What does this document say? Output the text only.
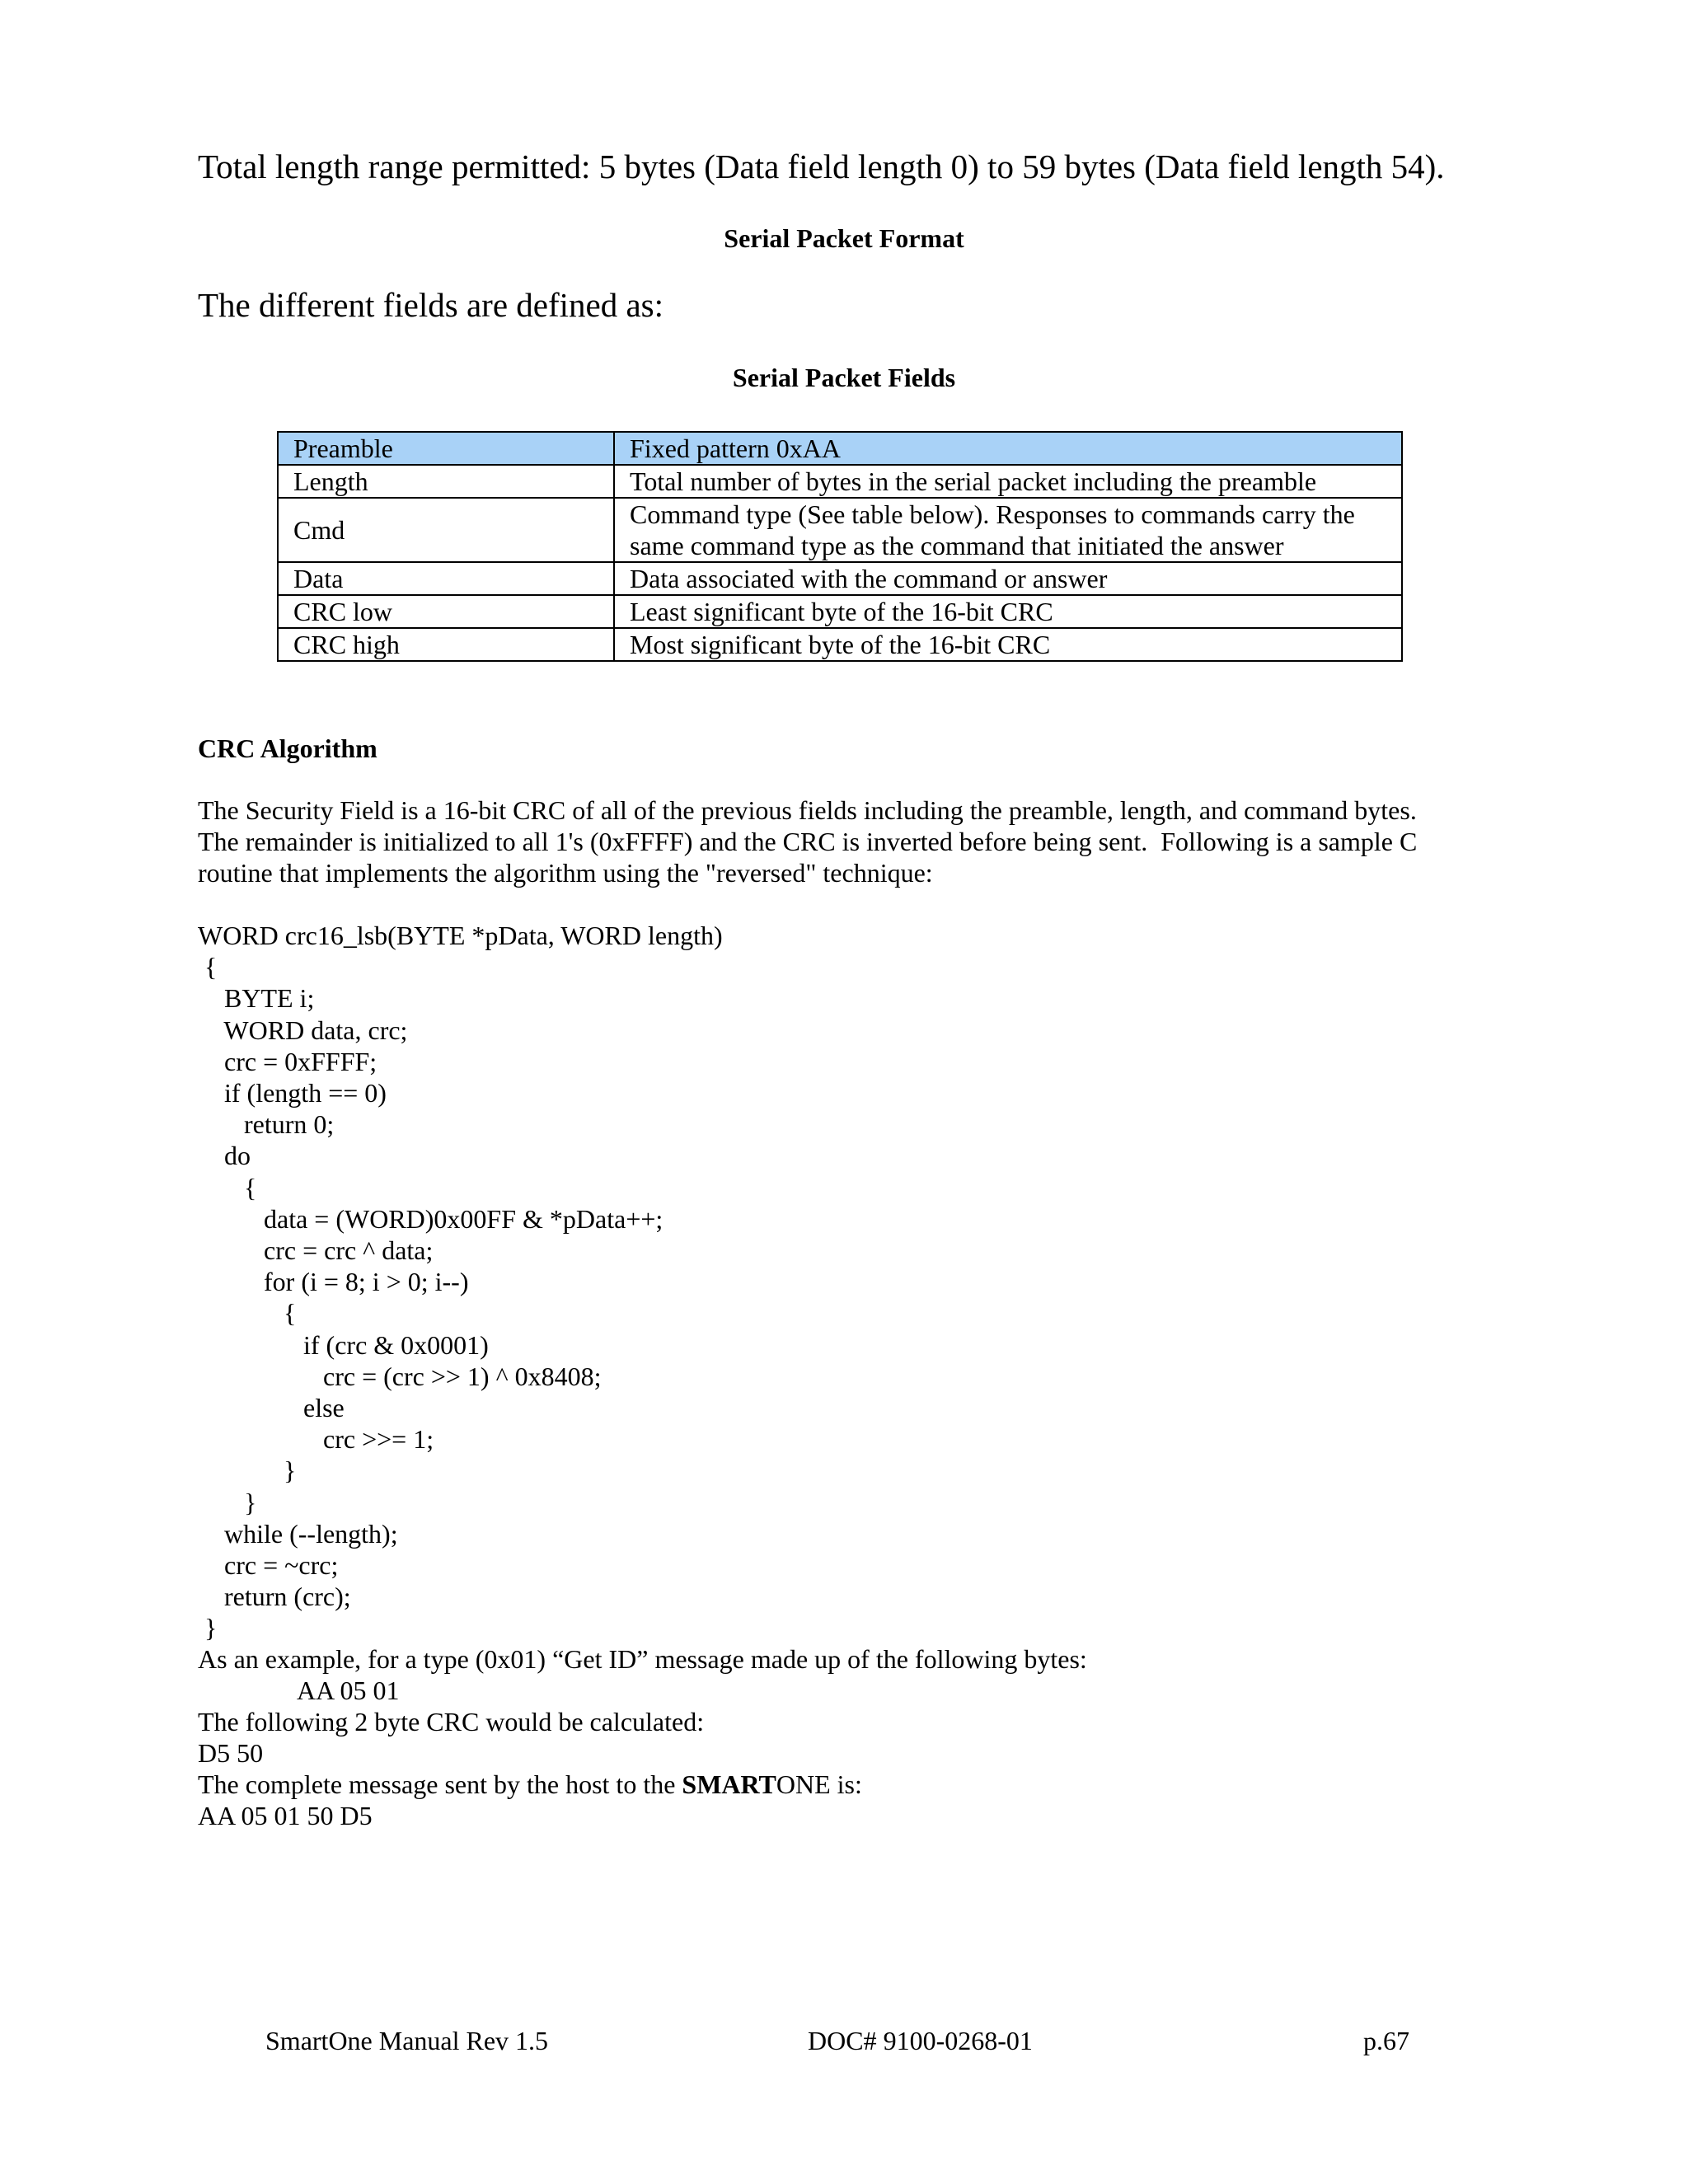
Total length range permitted: 5 bytes (Data field length 0) to 59 bytes (Data field length 54).
Serial Packet Format
The different fields are defined as:
Serial Packet Fields
Preamble	Fixed pattern 0xAA
Length	Total number of bytes in the serial packet including the preamble
Cmd	Command type (See table below). Responses to commands carry the same command type as the command that initiated the answer
Data	Data associated with the command or answer
CRC low	Least significant byte of the 16-bit CRC
CRC high	Most significant byte of the 16-bit CRC
CRC Algorithm
The Security Field is a 16-bit CRC of all of the previous fields including the preamble, length, and command bytes.
The remainder is initialized to all 1's (0xFFFF) and the CRC is inverted before being sent.  Following is a sample C
routine that implements the algorithm using the "reversed" technique:
WORD crc16_lsb(BYTE *pData, WORD length)
{
BYTE i;
WORD data, crc;
crc = 0xFFFF;
if (length == 0)
return 0;
do
{
data = (WORD)0x00FF & *pData++;
crc = crc ^ data;
for (i = 8; i > 0; i--)
{
if (crc & 0x0001)
crc = (crc >> 1) ^ 0x8408;
else
crc >>= 1;
}
}
while (--length);
crc = ~crc;
return (crc);
}
As an example, for a type (0x01) “Get ID” message made up of the following bytes:
AA 05 01
The following 2 byte CRC would be calculated:
D5 50
The complete message sent by the host to the SMARTONE is:
AA 05 01 50 D5
SmartOne Manual Rev 1.5	DOC# 9100-0268-01	p.67
